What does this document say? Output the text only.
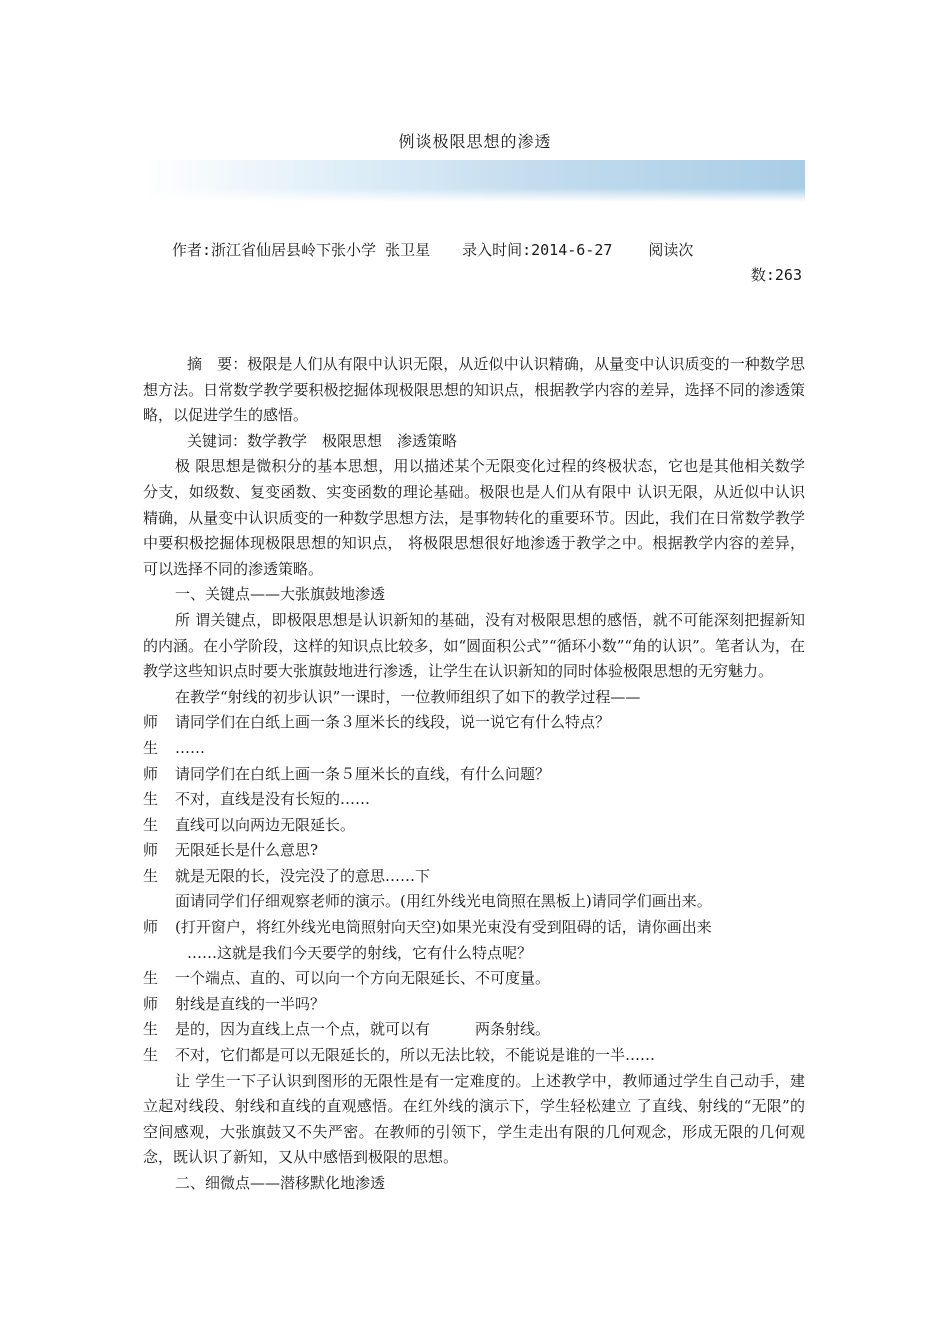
例谈极限思想的渗透
作者:浙江省仙居县岭下张小学 张卫星 录入时间:2014-6-27 阅读次
数:263

摘　要：极限是人们从有限中认识无限，从近似中认识精确，从量变中认识质变的一种数学思想方法。日常数学教学要积极挖掘体现极限思想的知识点，根据教学内容的差异，选择不同的渗透策略，以促进学生的感悟。

关键词：数学教学　极限思想　渗透策略

极 限思想是微积分的基本思想，用以描述某个无限变化过程的终极状态，它也是其他相关数学分支，如级数、复变函数、实变函数的理论基础。极限也是人们从有限中 认识无限，从近似中认识精确，从量变中认识质变的一种数学思想方法，是事物转化的重要环节。因此，我们在日常数学教学中要积极挖掘体现极限思想的知识点， 将极限思想很好地渗透于教学之中。根据教学内容的差异，可以选择不同的渗透策略。

一、关键点——大张旗鼓地渗透

所 谓关键点，即极限思想是认识新知的基础，没有对极限思想的感悟，就不可能深刻把握新知的内涵。在小学阶段，这样的知识点比较多，如“圆面积公式”“循环小数”“角的认识”。笔者认为，在教学这些知识点时要大张旗鼓地进行渗透，让学生在认识新知的同时体验极限思想的无穷魅力。

在教学“射线的初步认识”一课时，一位教师组织了如下的教学过程——

师	请同学们在白纸上画一条３厘米长的线段，说一说它有什么特点？
生	……
师	请同学们在白纸上画一条５厘米长的直线，有什么问题？
生	不对，直线是没有长短的……
生	直线可以向两边无限延长。
师	无限延长是什么意思?
生	就是无限的长，没完没了的意思……下

面请同学们仔细观察老师的演示。(用红外线光电筒照在黑板上)请同学们画出来。

师	(打开窗户，将红外线光电筒照射向天空)如果光束没有受到阻碍的话，请你画出来

……这就是我们今天要学的射线，它有什么特点呢？

生	一个端点、直的、可以向一个方向无限延长、不可度量。
师	射线是直线的一半吗？
生	是的，因为直线上点一个点，就可以有　　　两条射线。
生	不对，它们都是可以无限延长的，所以无法比较，不能说是谁的一半……

让 学生一下子认识到图形的无限性是有一定难度的。上述教学中，教师通过学生自己动手，建立起对线段、射线和直线的直观感悟。在红外线的演示下，学生轻松建立 了直线、射线的“无限”的空间感观，大张旗鼓又不失严密。在教师的引领下，学生走出有限的几何观念，形成无限的几何观念，既认识了新知，又从中感悟到极限的思想。

二、细微点——潜移默化地渗透
